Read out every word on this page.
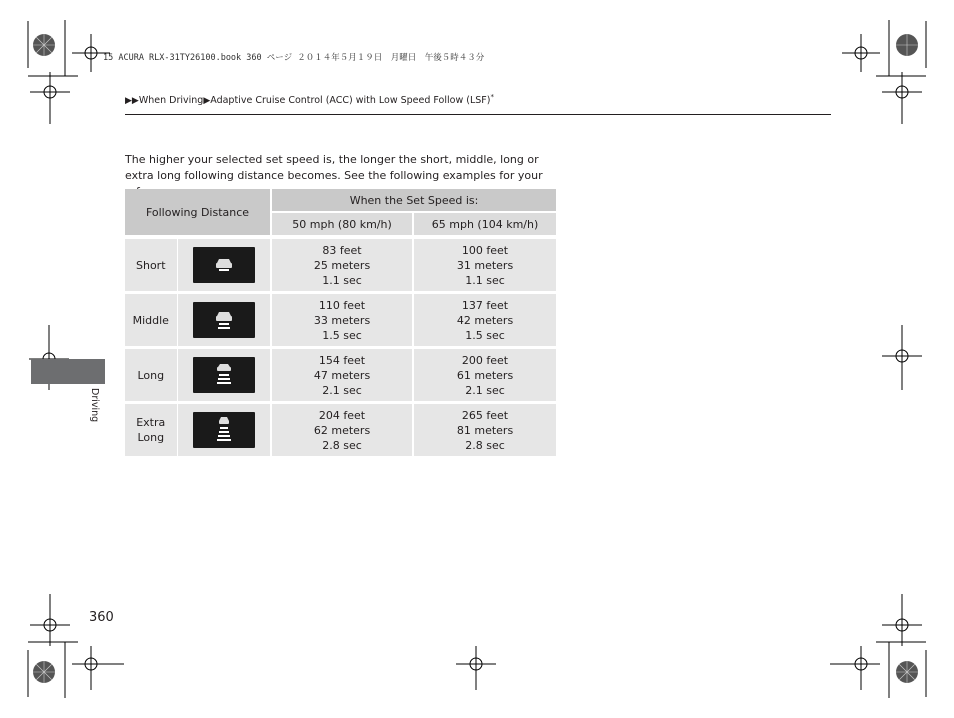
15 ACURA RLX-31TY26100.book 360 ページ ２０１４年５月１９日　月曜日　午後５時４３分
▶▶When Driving▶Adaptive Cruise Control (ACC) with Low Speed Follow (LSF)*
The higher your selected set speed is, the longer the short, middle, long or extra long following distance becomes. See the following examples for your
Following Distance		When the Set Speed is:	
		50 mph (80 km/h)	65 mph (104 km/h)

Short		83 feet
25 meters
1.1 sec	100 feet
31 meters
1.1 sec

Middle		110 feet
33 meters
1.5 sec	137 feet
42 meters
1.5 sec

Long		154 feet
47 meters
2.1 sec	200 feet
61 meters
2.1 sec

Extra
Long		204 feet
62 meters
2.8 sec	265 feet
81 meters
2.8 sec
Driving
360
